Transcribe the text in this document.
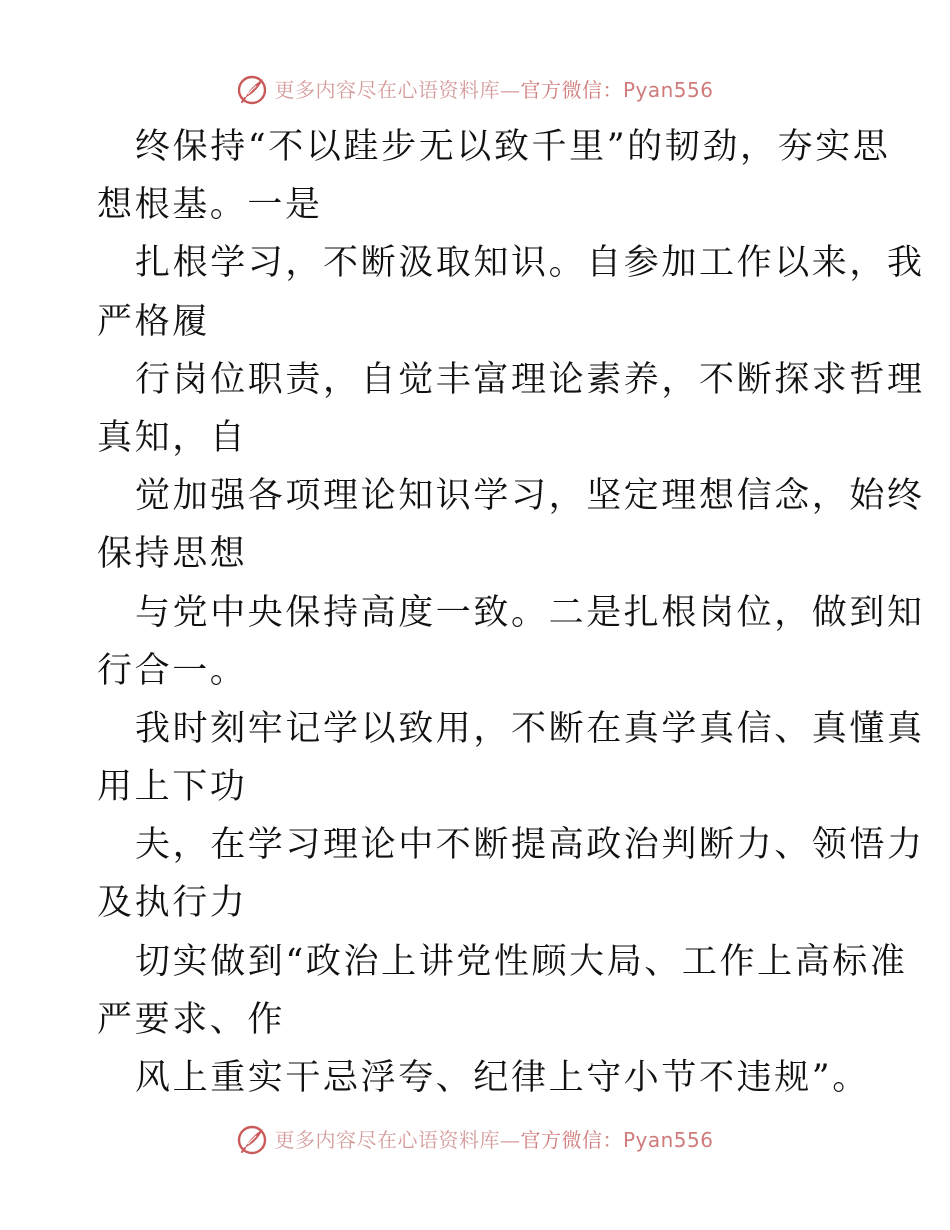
更多内容尽在心语资料库—官方微信：Pyan556
终保持“不以跬步无以致千里”的韧劲，夯实思
想根基。一是
扎根学习，不断汲取知识。自参加工作以来，我
严格履
行岗位职责，自觉丰富理论素养，不断探求哲理
真知，自
觉加强各项理论知识学习，坚定理想信念，始终
保持思想
与党中央保持高度一致。二是扎根岗位，做到知
行合一。
我时刻牢记学以致用，不断在真学真信、真懂真
用上下功
夫，在学习理论中不断提高政治判断力、领悟力
及执行力
切实做到“政治上讲党性顾大局、工作上高标准
严要求、作
风上重实干忌浮夸、纪律上守小节不违规”。
更多内容尽在心语资料库—官方微信：Pyan556
